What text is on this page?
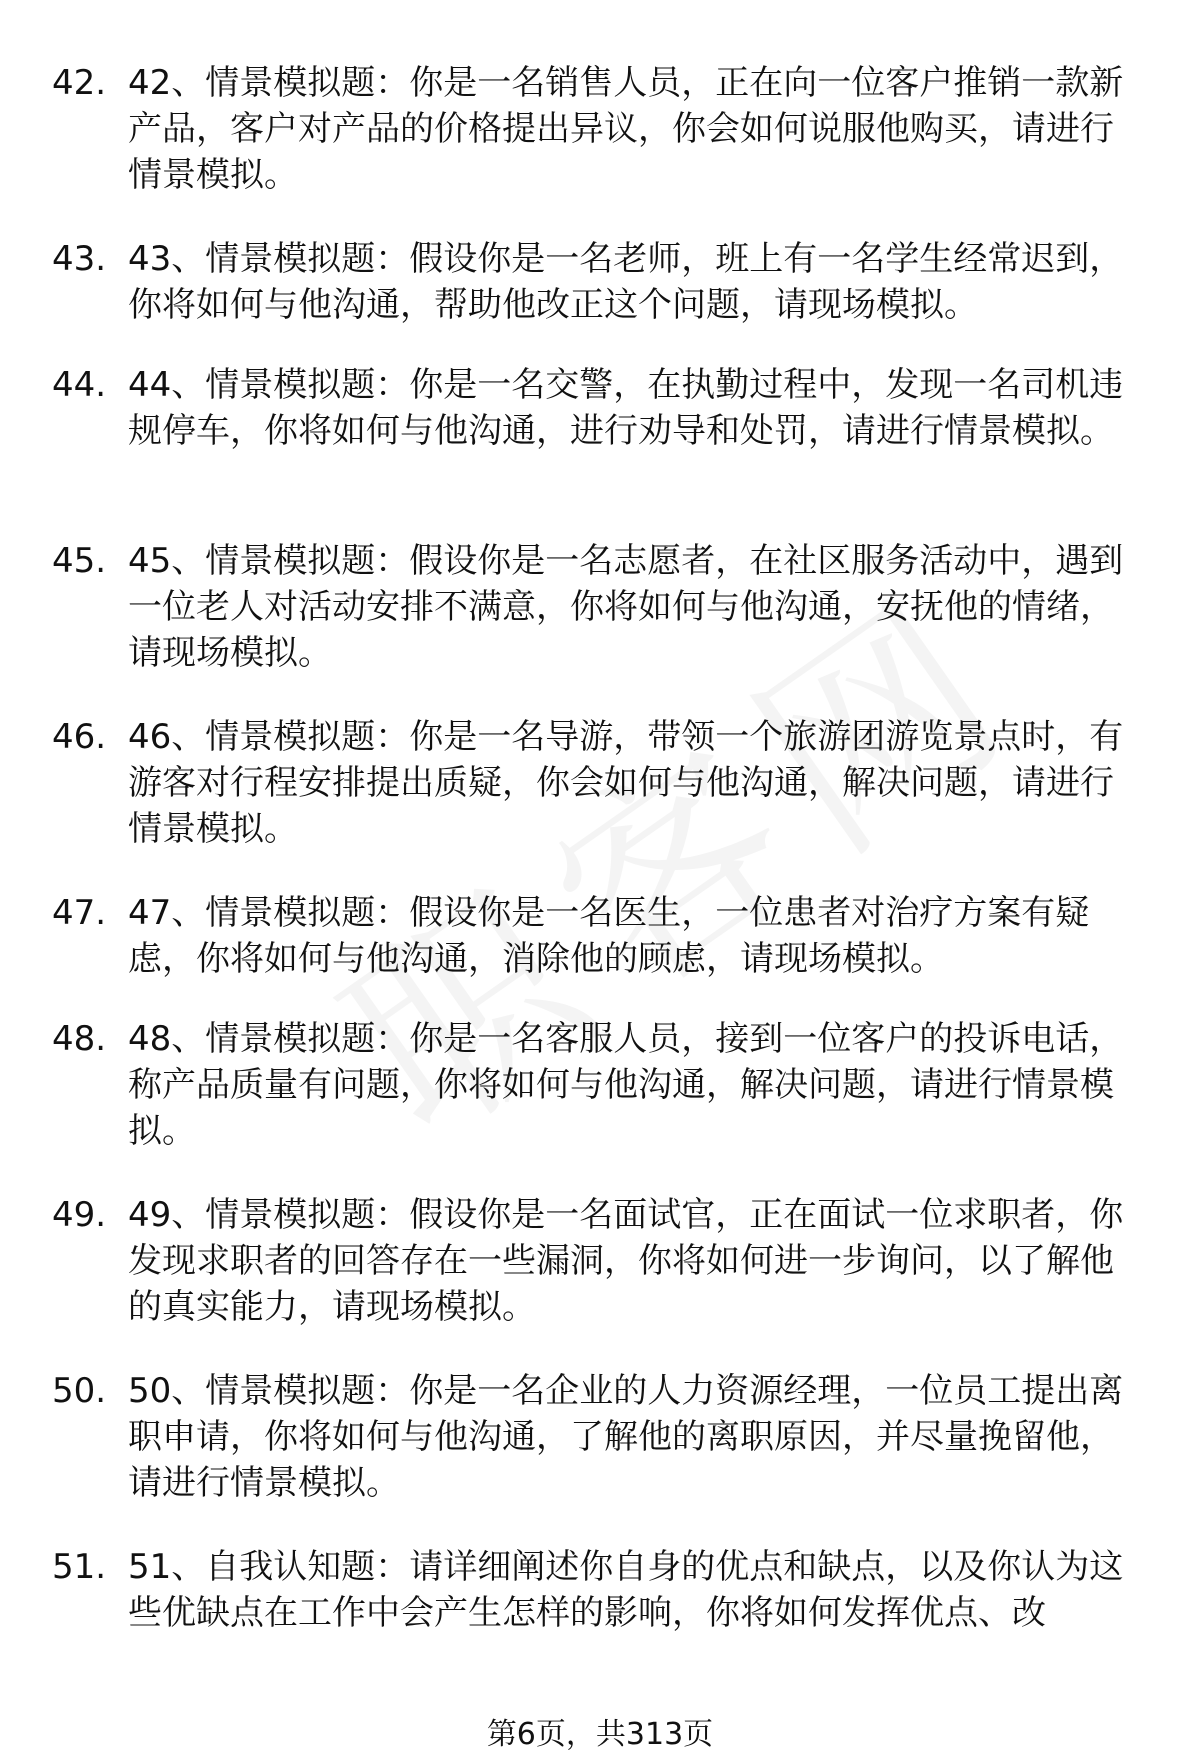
42. 42、情景模拟题：你是一名销售人员，正在向一位客户推销一款新产品，客户对产品的价格提出异议，你会如何说服他购买，请进行情景模拟。
43. 43、情景模拟题：假设你是一名老师，班上有一名学生经常迟到，你将如何与他沟通，帮助他改正这个问题，请现场模拟。
44. 44、情景模拟题：你是一名交警，在执勤过程中，发现一名司机违规停车，你将如何与他沟通，进行劝导和处罚，请进行情景模拟。
45. 45、情景模拟题：假设你是一名志愿者，在社区服务活动中，遇到一位老人对活动安排不满意，你将如何与他沟通，安抚他的情绪，请现场模拟。
46. 46、情景模拟题：你是一名导游，带领一个旅游团游览景点时，有游客对行程安排提出质疑，你会如何与他沟通，解决问题，请进行情景模拟。
47. 47、情景模拟题：假设你是一名医生，一位患者对治疗方案有疑虑，你将如何与他沟通，消除他的顾虑，请现场模拟。
48. 48、情景模拟题：你是一名客服人员，接到一位客户的投诉电话，称产品质量有问题，你将如何与他沟通，解决问题，请进行情景模拟。
49. 49、情景模拟题：假设你是一名面试官，正在面试一位求职者，你发现求职者的回答存在一些漏洞，你将如何进一步询问，以了解他的真实能力，请现场模拟。
50. 50、情景模拟题：你是一名企业的人力资源经理，一位员工提出离职申请，你将如何与他沟通，了解他的离职原因，并尽量挽留他，请进行情景模拟。
51. 51、自我认知题：请详细阐述你自身的优点和缺点，以及你认为这些优缺点在工作中会产生怎样的影响，你将如何发挥优点、改
第6页，共313页
